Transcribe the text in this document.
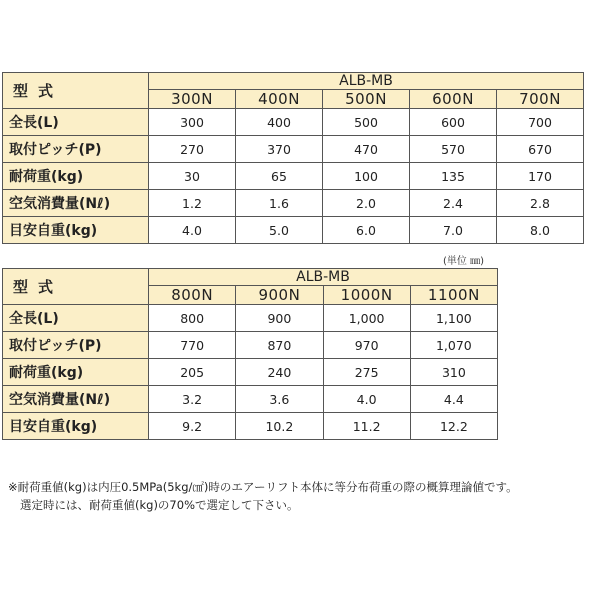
型式	ALB-MB				
	300N	400N	500N	600N	700N
全長(L)	300	400	500	600	700
取付ピッチ(P)	270	370	470	570	670
耐荷重(kg)	30	65	100	135	170
空気消費量(Nℓ)	1.2	1.6	2.0	2.4	2.8
目安自重(kg)	4.0	5.0	6.0	7.0	8.0
(単位 ㎜)
型式	ALB-MB			
	800N	900N	1000N	1100N
全長(L)	800	900	1,000	1,100
取付ピッチ(P)	770	870	970	1,070
耐荷重(kg)	205	240	275	310
空気消費量(Nℓ)	3.2	3.6	4.0	4.4
目安自重(kg)	9.2	10.2	11.2	12.2
※耐荷重値(kg)は内圧0.5MPa(5kg/㎠)時のエアーリフト本体に等分布荷重の際の概算理論値です。
選定時には、耐荷重値(kg)の70%で選定して下さい。
